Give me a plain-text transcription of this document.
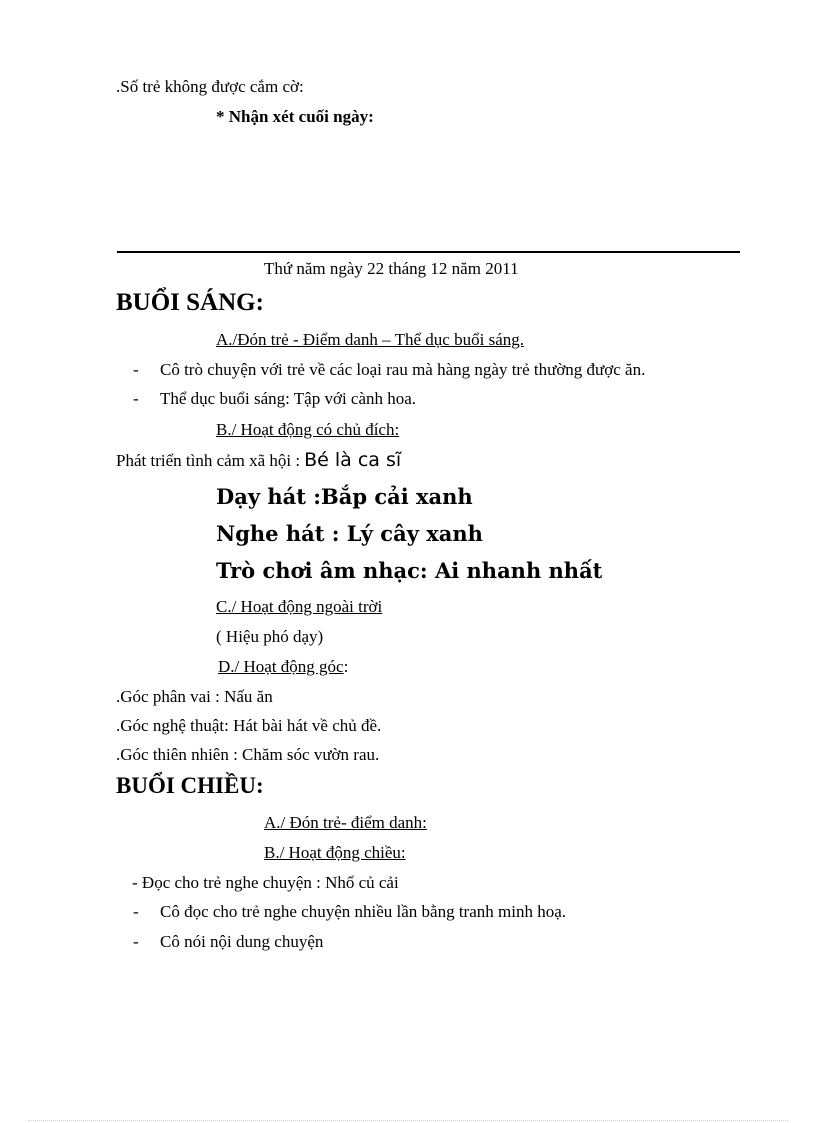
.Số trẻ không được cắm cờ:
* Nhận xét cuối ngày:
Thứ năm ngày 22 tháng 12 năm 2011
BUỔI SÁNG:
A./Đón trẻ - Điểm danh – Thể dục buổi sáng.
- Cô trò chuyện với trẻ về các loại rau mà hàng ngày trẻ thường được ăn.
- Thể dục buổi sáng: Tập với cành hoa.
B./ Hoạt động có chủ đích:
Phát triển tình cảm xã hội : Bé là ca sĩ
Dạy hát :Bắp cải xanh
Nghe hát : Lý cây xanh
Trò chơi âm nhạc: Ai nhanh nhất
C./ Hoạt động ngoài trời
( Hiệu phó dạy)
D./ Hoạt động góc:
.Góc phân vai : Nấu ăn
.Góc nghệ thuật: Hát bài hát về chủ đề.
.Góc thiên nhiên : Chăm sóc vườn rau.
BUỔI CHIỀU:
A./ Đón trẻ- điểm danh:
B./ Hoạt động chiều:
- Đọc cho trẻ nghe chuyện : Nhổ củ cải
- Cô đọc cho trẻ nghe chuyện nhiều lần bằng tranh minh hoạ.
- Cô nói nội dung chuyện
